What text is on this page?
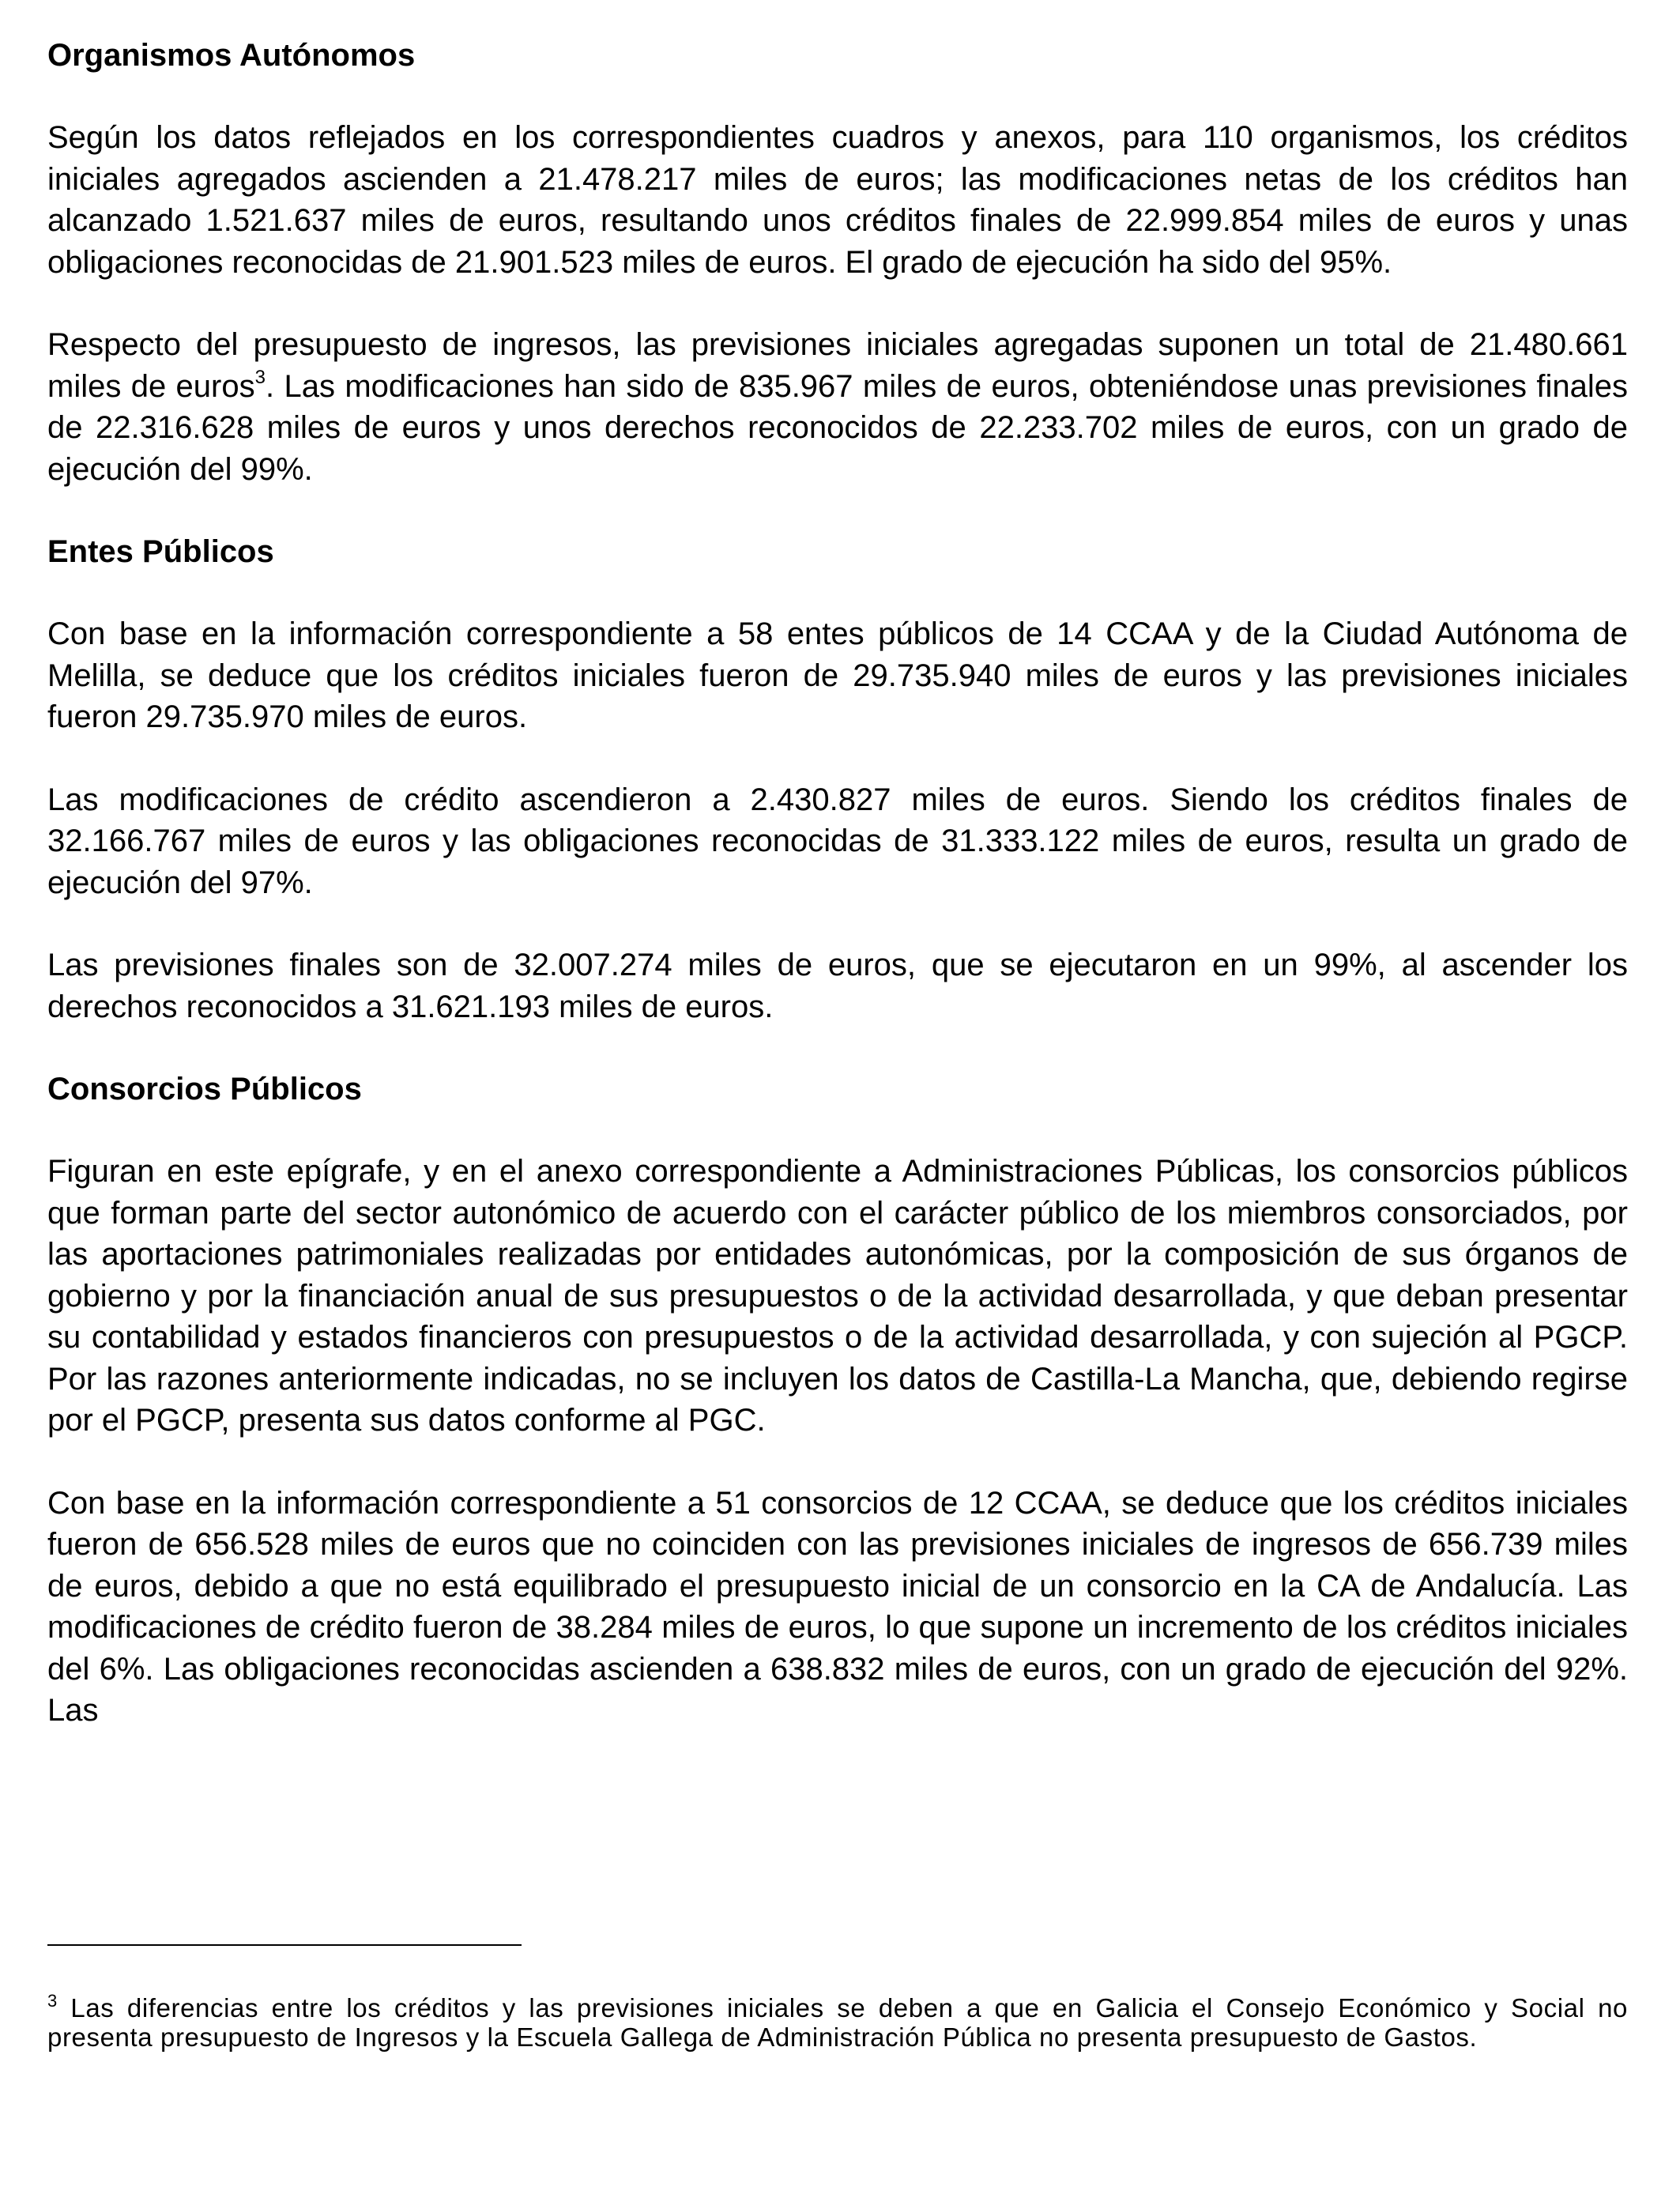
Organismos Autónomos

Según los datos reflejados en los correspondientes cuadros y anexos, para 110 organismos, los créditos iniciales agregados ascienden a 21.478.217 miles de euros; las modificaciones netas de los créditos han alcanzado 1.521.637 miles de euros, resultando unos créditos finales de 22.999.854 miles de euros y unas obligaciones reconocidas de 21.901.523 miles de euros. El grado de ejecución ha sido del 95%.

Respecto del presupuesto de ingresos, las previsiones iniciales agregadas suponen un total de 21.480.661 miles de euros$^3$. Las modificaciones han sido de 835.967 miles de euros, obteniéndose unas previsiones finales de 22.316.628 miles de euros y unos derechos reconocidos de 22.233.702 miles de euros, con un grado de ejecución del 99%.

Entes Públicos

Con base en la información correspondiente a 58 entes públicos de 14 CCAA y de la Ciudad Autónoma de Melilla, se deduce que los créditos iniciales fueron de 29.735.940 miles de euros y las previsiones iniciales fueron 29.735.970 miles de euros.

Las modificaciones de crédito ascendieron a 2.430.827 miles de euros. Siendo los créditos finales de 32.166.767 miles de euros y las obligaciones reconocidas de 31.333.122 miles de euros, resulta un grado de ejecución del 97%.

Las previsiones finales son de 32.007.274 miles de euros, que se ejecutaron en un 99%, al ascender los derechos reconocidos a 31.621.193 miles de euros.

Consorcios Públicos

Figuran en este epígrafe, y en el anexo correspondiente a Administraciones Públicas, los consorcios públicos que forman parte del sector autonómico de acuerdo con el carácter público de los miembros consorciados, por las aportaciones patrimoniales realizadas por entidades autonómicas, por la composición de sus órganos de gobierno y por la financiación anual de sus presupuestos o de la actividad desarrollada, y que deban presentar su contabilidad y estados financieros con presupuestos o de la actividad desarrollada, y con sujeción al PGCP. Por las razones anteriormente indicadas, no se incluyen los datos de Castilla-La Mancha, que, debiendo regirse por el PGCP, presenta sus datos conforme al PGC.

Con base en la información correspondiente a 51 consorcios de 12 CCAA, se deduce que los créditos iniciales fueron de 656.528 miles de euros que no coinciden con las previsiones iniciales de ingresos de 656.739 miles de euros, debido a que no está equilibrado el presupuesto inicial de un consorcio en la CA de Andalucía. Las modificaciones de crédito fueron de 38.284 miles de euros, lo que supone un incremento de los créditos iniciales del 6%. Las obligaciones reconocidas ascienden a 638.832 miles de euros, con un grado de ejecución del 92%. Las

$^3$ Las diferencias entre los créditos y las previsiones iniciales se deben a que en Galicia el Consejo Económico y Social no presenta presupuesto de Ingresos y la Escuela Gallega de Administración Pública no presenta presupuesto de Gastos.
